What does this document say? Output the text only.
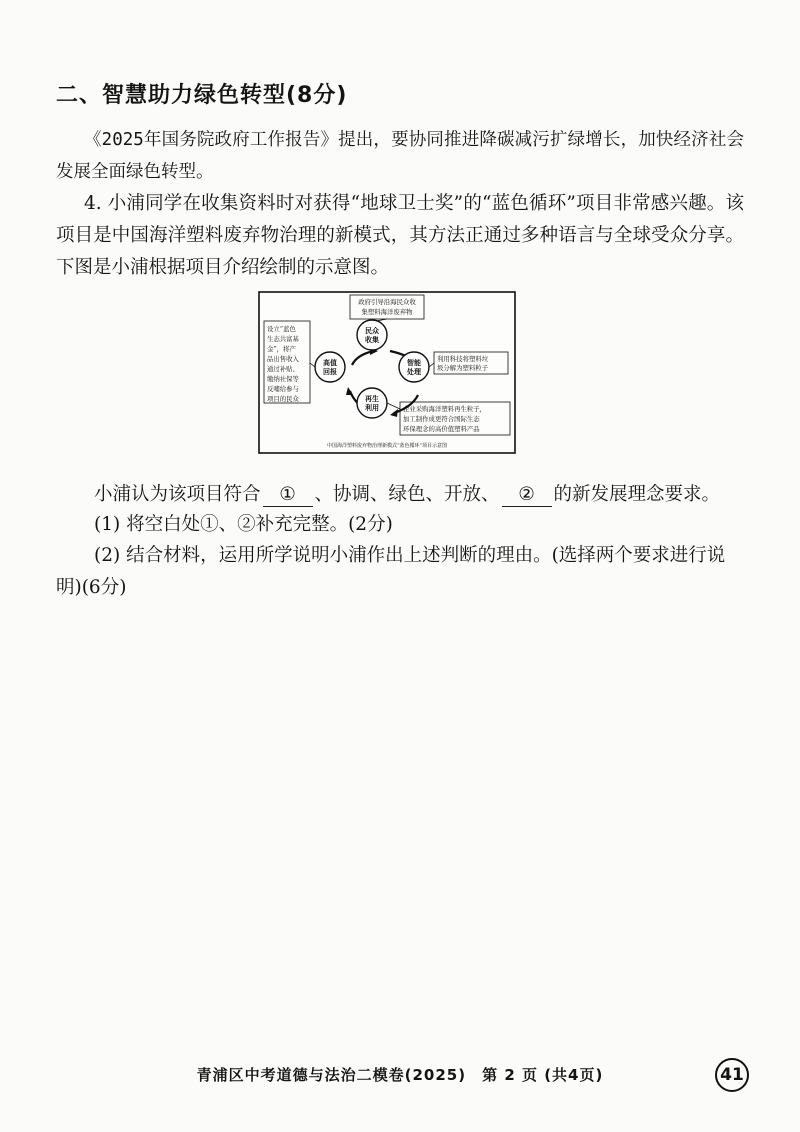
二、智慧助力绿色转型(8分)
《2025年国务院政府工作报告》提出，要协同推进降碳减污扩绿增长，加快经济社会发展全面绿色转型。
4. 小浦同学在收集资料时对获得“地球卫士奖”的“蓝色循环”项目非常感兴趣。该项目是中国海洋塑料废弃物治理的新模式，其方法正通过多种语言与全球受众分享。下图是小浦根据项目介绍绘制的示意图。
政府引导沿海民众收
集塑料海洋废弃物
民众
收集
智能
处理
再生
利用
高值
回报
利用科技将塑料垃
圾分解为塑料粒子
设立“蓝色
生态共富基
金”，将产
品出售收入
通过补贴、
缴纳社保等
反哺给参与
项目的民众
企业采购海洋塑料再生粒子，
加工制作成更符合国际生态
环保理念的高价值塑料产品
中国海洋塑料废弃物治理新模式“蓝色循环”项目示意图
小浦认为该项目符合 ① 、协调、绿色、开放、 ② 的新发展理念要求。
(1) 将空白处①、②补充完整。(2分)
(2) 结合材料，运用所学说明小浦作出上述判断的理由。(选择两个要求进行说明)(6分)
青浦区中考道德与法治二模卷(2025)　第 2 页 (共4页)	41
